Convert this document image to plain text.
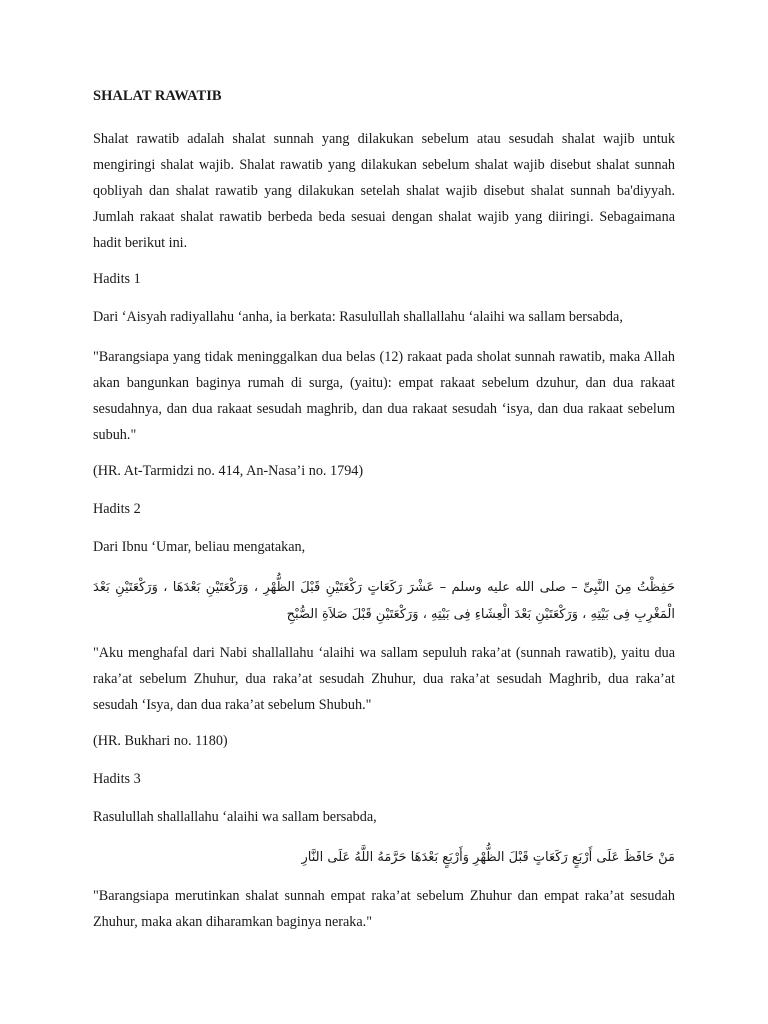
SHALAT RAWATIB

Shalat rawatib adalah shalat sunnah yang dilakukan sebelum atau sesudah shalat wajib untuk mengiringi shalat wajib. Shalat rawatib yang dilakukan sebelum shalat wajib disebut shalat sunnah qobliyah dan shalat rawatib yang dilakukan setelah shalat wajib disebut shalat sunnah ba'diyyah. Jumlah rakaat shalat rawatib berbeda beda sesuai dengan shalat wajib yang diiringi. Sebagaimana hadit berikut ini.

Hadits 1

Dari ‘Aisyah radiyallahu ‘anha, ia berkata: Rasulullah shallallahu ‘alaihi wa sallam bersabda,

"Barangsiapa yang tidak meninggalkan dua belas (12) rakaat pada sholat sunnah rawatib, maka Allah akan bangunkan baginya rumah di surga, (yaitu): empat rakaat sebelum dzuhur, dan dua rakaat sesudahnya, dan dua rakaat sesudah maghrib, dan dua rakaat sesudah ‘isya, dan dua rakaat sebelum subuh."

(HR. At-Tarmidzi no. 414, An-Nasa’i no. 1794)

Hadits 2

Dari Ibnu ‘Umar, beliau mengatakan,

حَفِظْتُ مِنَ النَّبِىِّ – صلى الله عليه وسلم – عَشْرَ رَكَعَاتٍ رَكْعَتَيْنِ قَبْلَ الظُّهْرِ ، وَرَكْعَتَيْنِ بَعْدَهَا ، وَرَكْعَتَيْنِ بَعْدَ الْمَغْرِبِ فِى بَيْتِهِ ، وَرَكْعَتَيْنِ بَعْدَ الْعِشَاءِ فِى بَيْتِهِ ، وَرَكْعَتَيْنِ قَبْلَ صَلاَةِ الصُّبْحِ

"Aku menghafal dari Nabi shallallahu ‘alaihi wa sallam sepuluh raka’at (sunnah rawatib), yaitu dua raka’at sebelum Zhuhur, dua raka’at sesudah Zhuhur, dua raka’at sesudah Maghrib, dua raka’at sesudah ‘Isya, dan dua raka’at sebelum Shubuh."

(HR. Bukhari no. 1180)

Hadits 3

Rasulullah shallallahu ‘alaihi wa sallam bersabda,

مَنْ حَافَظَ عَلَى أَرْبَعٍ رَكَعَاتٍ قَبْلَ الظُّهْرِ وَأَرْبَعٍ بَعْدَهَا حَرَّمَهُ اللَّهُ عَلَى النَّارِ

"Barangsiapa merutinkan shalat sunnah empat raka’at sebelum Zhuhur dan empat raka’at sesudah Zhuhur, maka akan diharamkan baginya neraka."
